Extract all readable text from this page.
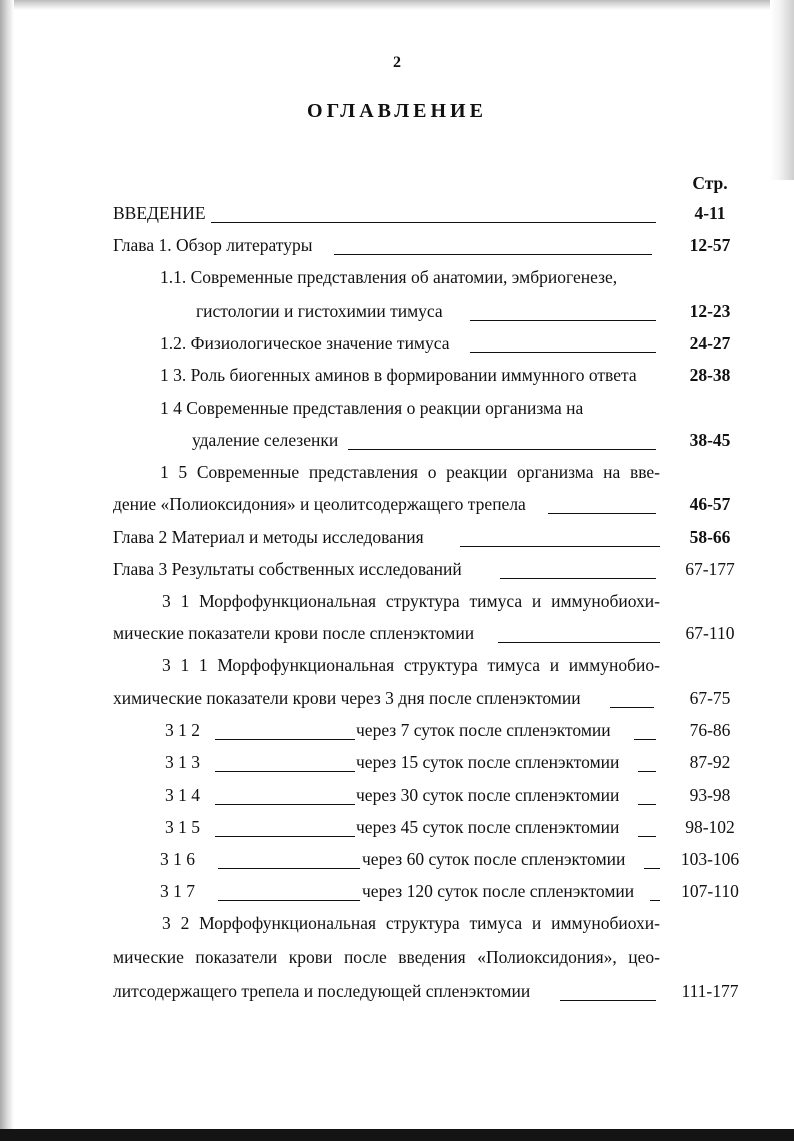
2
ОГЛАВЛЕНИЕ
Стр.
ВВЕДЕНИЕ	4-11
Глава 1. Обзор литературы	12-57
1.1. Современные представления об анатомии, эмбриогенезе,
гистологии и гистохимии тимуса	12-23
1.2. Физиологическое значение тимуса	24-27
1 3. Роль биогенных аминов в формировании иммунного ответа	28-38
1 4 Современные представления о реакции организма на
удаление селезенки	38-45
1 5 Современные представления о реакции организма на вве-
дение «Полиоксидония» и цеолитсодержащего трепела	46-57
Глава 2 Материал и методы исследования	58-66
Глава 3 Результаты собственных исследований	67-177
3 1 Морфофункциональная структура тимуса и иммунобиохи-
мические показатели крови после спленэктомии	67-110
3 1 1 Морфофункциональная структура тимуса и иммунобио-
химические показатели крови через 3 дня после спленэктомии	67-75
3 1 2	через 7 суток после спленэктомии	76-86
3 1 3	через 15 суток после спленэктомии	87-92
3 1 4	через 30 суток после спленэктомии	93-98
3 1 5	через 45 суток после спленэктомии	98-102
3 1 6	через 60 суток после спленэктомии	103-106
3 1 7	через 120 суток после спленэктомии	107-110
3 2 Морфофункциональная структура тимуса и иммунобиохи-
мические показатели крови после введения «Полиоксидония», цео-
литсодержащего трепела и последующей спленэктомии	111-177
